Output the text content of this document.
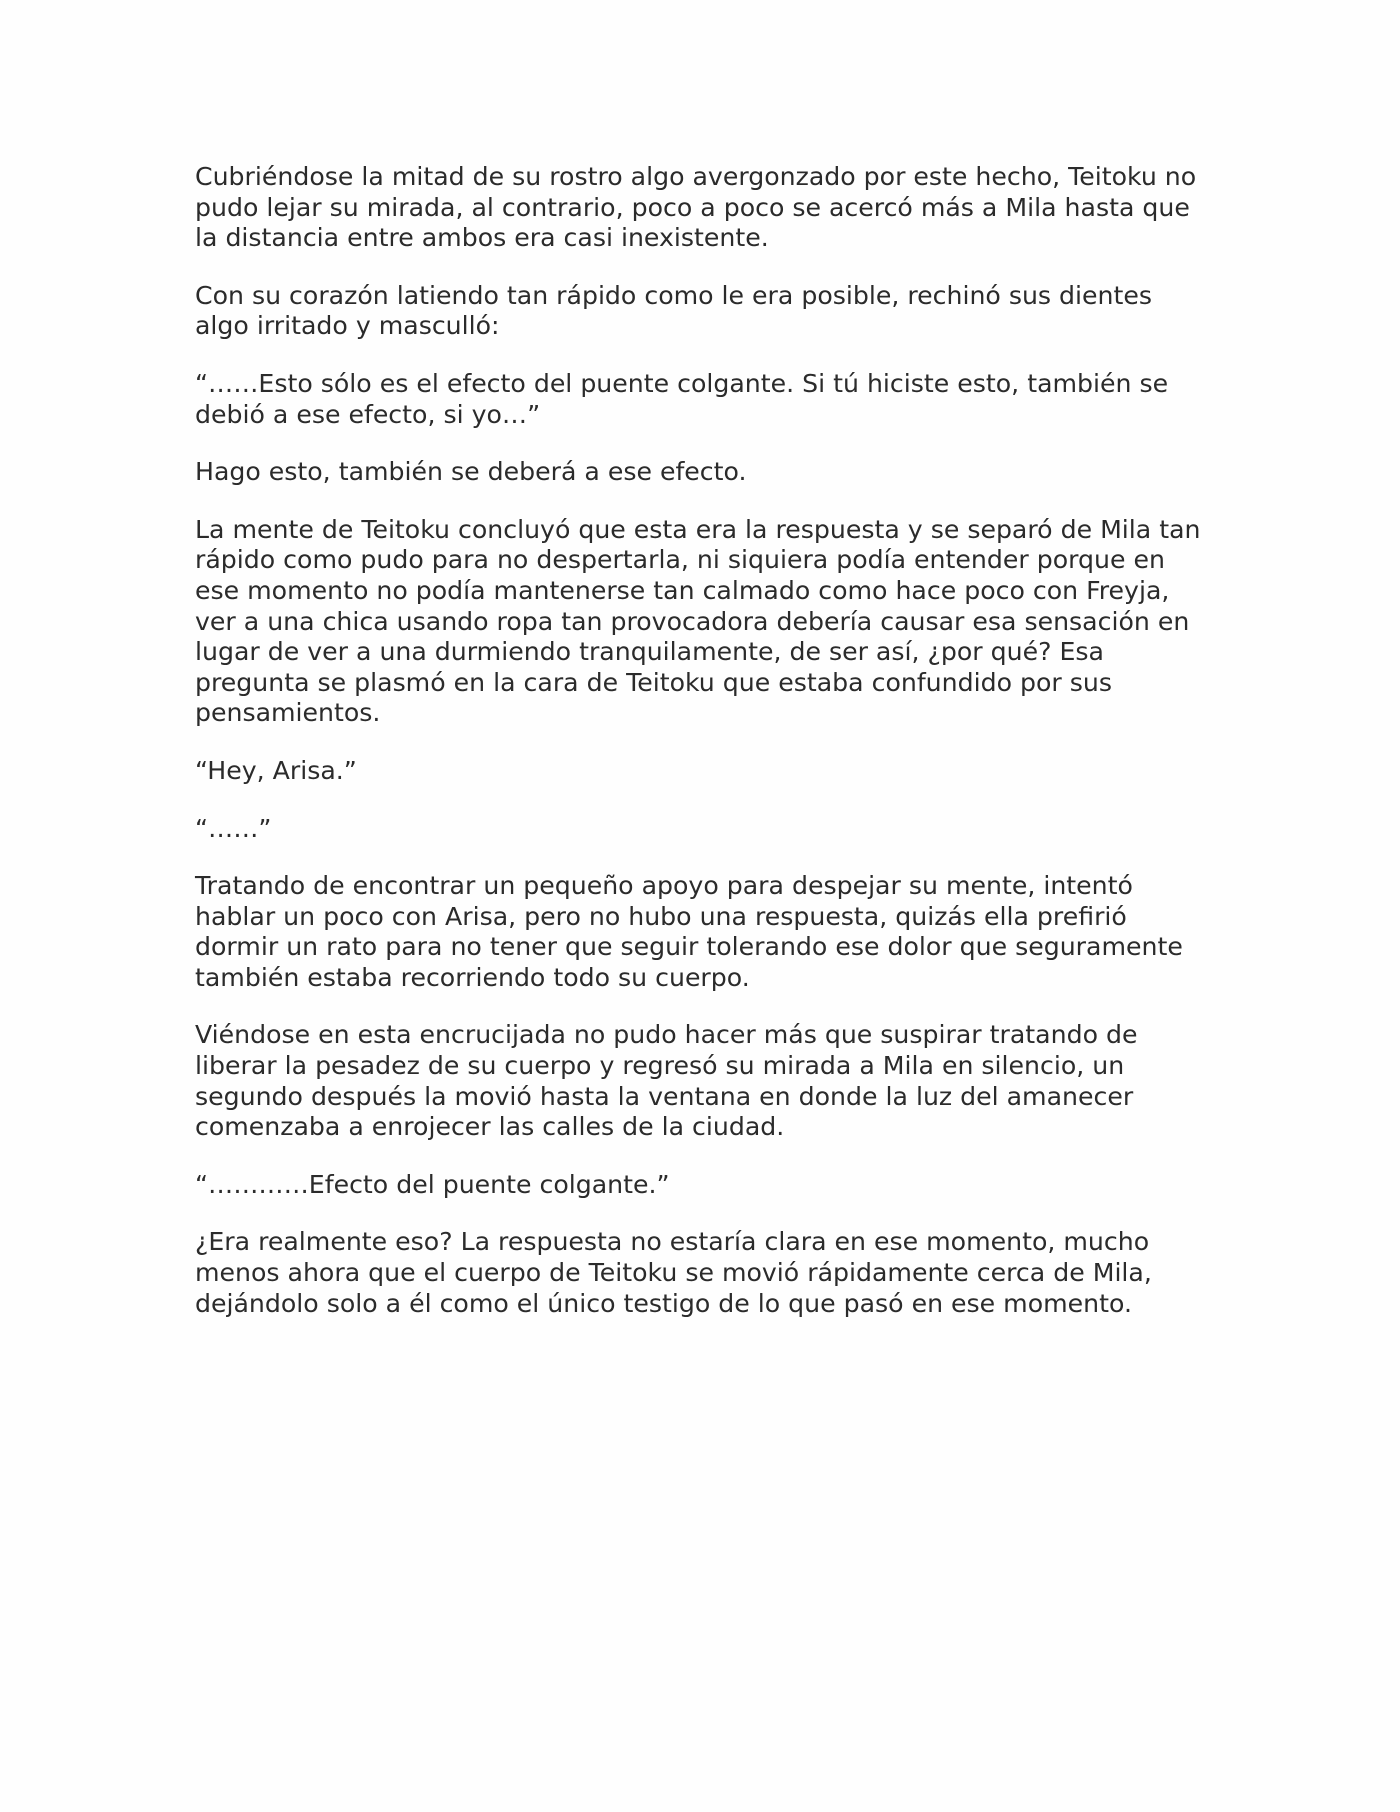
Cubriéndose la mitad de su rostro algo avergonzado por este hecho, Teitoku no pudo lejar su mirada, al contrario, poco a poco se acercó más a Mila hasta que la distancia entre ambos era casi inexistente.

Con su corazón latiendo tan rápido como le era posible, rechinó sus dientes algo irritado y masculló:

“……Esto sólo es el efecto del puente colgante. Si tú hiciste esto, también se debió a ese efecto, si yo…”

Hago esto, también se deberá a ese efecto.

La mente de Teitoku concluyó que esta era la respuesta y se separó de Mila tan rápido como pudo para no despertarla, ni siquiera podía entender porque en ese momento no podía mantenerse tan calmado como hace poco con Freyja, ver a una chica usando ropa tan provocadora debería causar esa sensación en lugar de ver a una durmiendo tranquilamente, de ser así, ¿por qué? Esa pregunta se plasmó en la cara de Teitoku que estaba confundido por sus pensamientos.

“Hey, Arisa.”

“……”

Tratando de encontrar un pequeño apoyo para despejar su mente, intentó hablar un poco con Arisa, pero no hubo una respuesta, quizás ella prefirió dormir un rato para no tener que seguir tolerando ese dolor que seguramente también estaba recorriendo todo su cuerpo.

Viéndose en esta encrucijada no pudo hacer más que suspirar tratando de liberar la pesadez de su cuerpo y regresó su mirada a Mila en silencio, un segundo después la movió hasta la ventana en donde la luz del amanecer comenzaba a enrojecer las calles de la ciudad.

“…………Efecto del puente colgante.”

¿Era realmente eso? La respuesta no estaría clara en ese momento, mucho menos ahora que el cuerpo de Teitoku se movió rápidamente cerca de Mila, dejándolo solo a él como el único testigo de lo que pasó en ese momento.
